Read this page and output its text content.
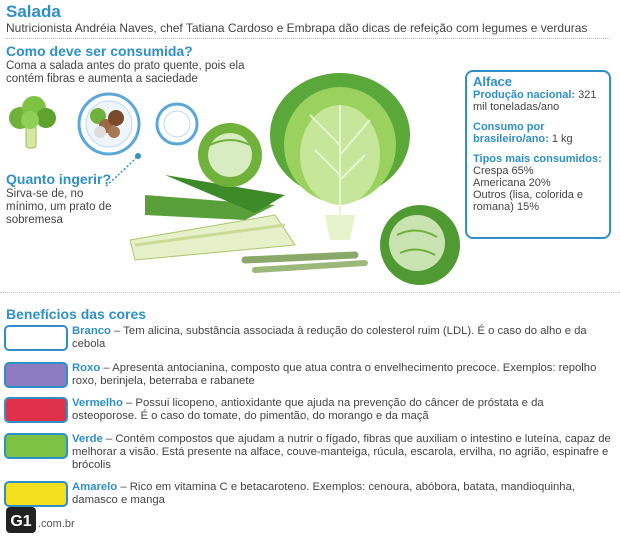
Salada
Nutricionista Andréia Naves, chef Tatiana Cardoso e Embrapa dão dicas de refeição com legumes e verduras
Como deve ser consumida?
Coma a salada antes do prato quente, pois ela contém fibras e aumenta a saciedade
Quanto ingerir?
Sirva-se de, no mínimo, um prato de sobremesa
Alface
Produção nacional: 321 mil toneladas/ano
Consumo por brasileiro/ano: 1 kg
Tipos mais consumidos:
Crespa 65%
Americana 20%
Outros (lisa, colorida e romana) 15%
Benefícios das cores
Branco – Tem alicina, substância associada à redução do colesterol ruim (LDL). É o caso do alho e da cebola
Roxo – Apresenta antocianina, composto que atua contra o envelhecimento precoce. Exemplos: repolho roxo, berinjela, beterraba e rabanete
Vermelho – Possui licopeno, antioxidante que ajuda na prevenção do câncer de próstata e da osteoporose. É o caso do tomate, do pimentão, do morango e da maçã
Verde – Contém compostos que ajudam a nutrir o fígado, fibras que auxiliam o intestino e luteína, capaz de melhorar a visão. Está presente na alface, couve-manteiga, rúcula, escarola, ervilha, no agrião, espinafre e brócolis
Amarelo – Rico em vitamina C e betacaroteno. Exemplos: cenoura, abóbora, batata, mandioquinha, damasco e manga
G1 .com.br
